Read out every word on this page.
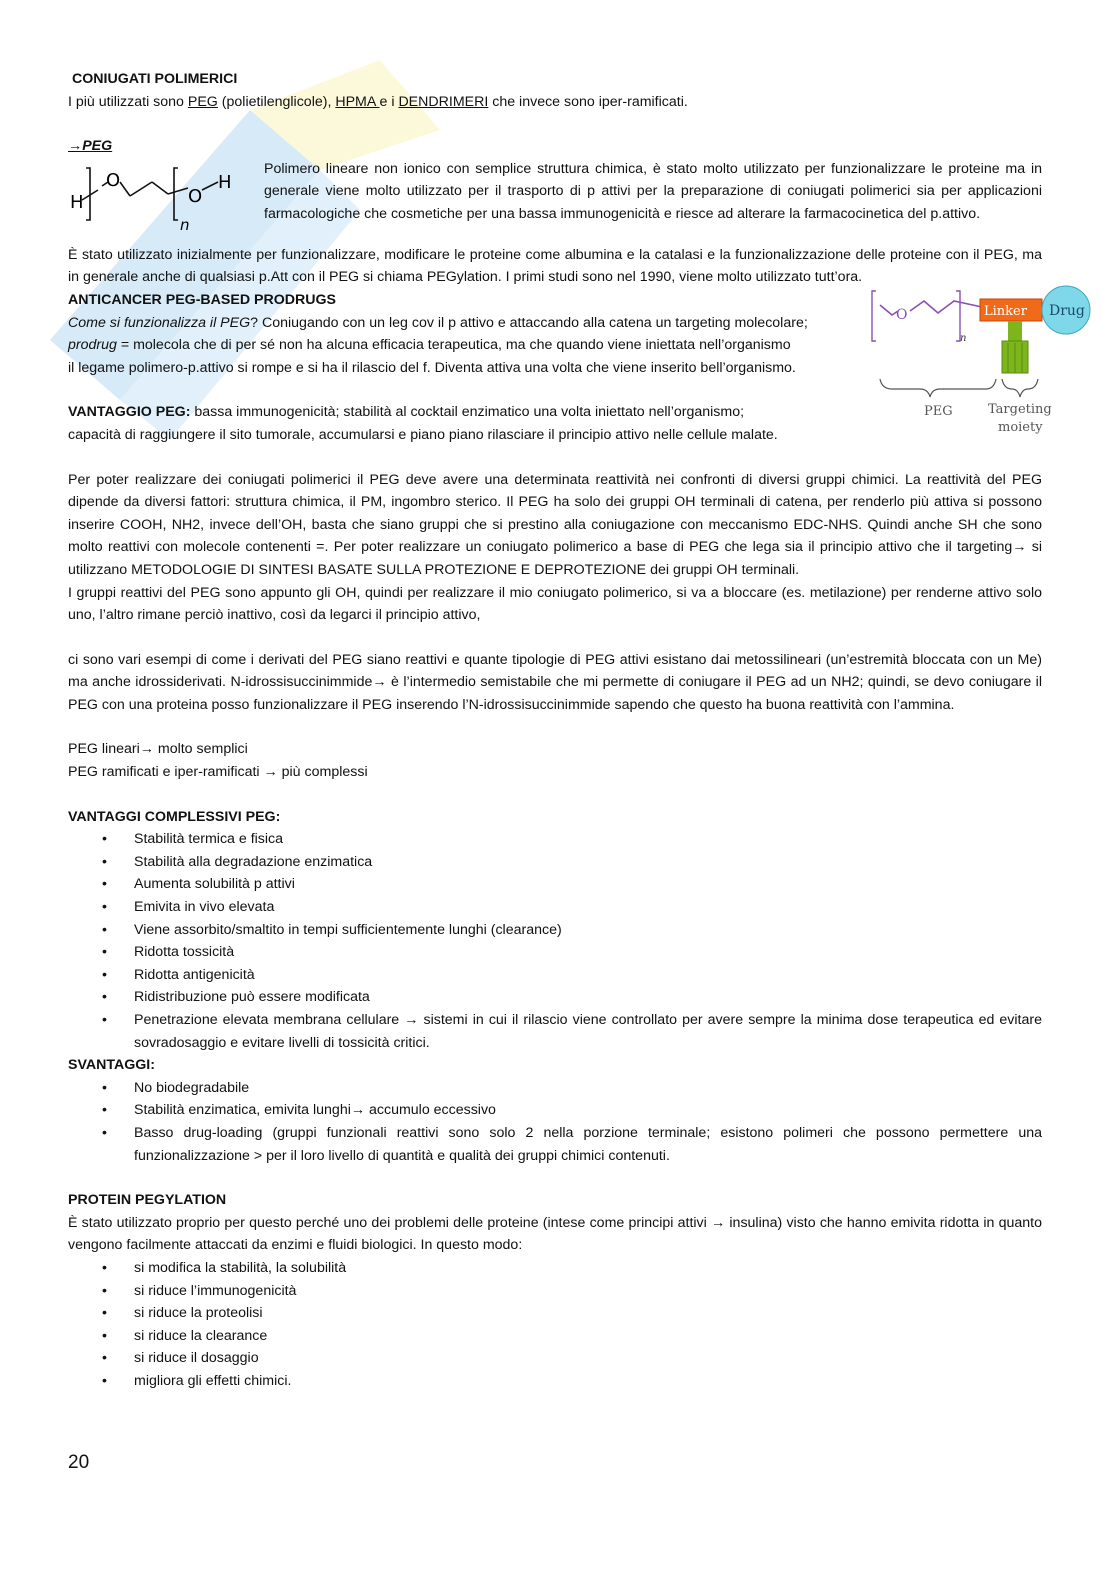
CONIUGATI POLIMERICI

I più utilizzati sono PEG (polietilenglicole), HPMA e i DENDRIMERI che invece sono iper-ramificati.

→PEG

H
O
O
H
n

Polimero lineare non ionico con semplice struttura chimica, è stato molto utilizzato per funzionalizzare le proteine ma in generale viene molto utilizzato per il trasporto di p attivi per la preparazione di coniugati polimerici sia per applicazioni farmacologiche che cosmetiche per una bassa immunogenicità e riesce ad alterare la farmacocinetica del p.attivo.

È stato utilizzato inizialmente per funzionalizzare, modificare le proteine come albumina e la catalasi e la funzionalizzazione delle proteine con il PEG, ma in generale anche di qualsiasi p.Att con il PEG si chiama PEGylation. I primi studi sono nel 1990, viene molto utilizzato tutt’ora.

ANTICANCER PEG-BASED PRODRUGS

O
n
Linker Drug
PEG	Targeting
moiety

Come si funzionalizza il PEG? Coniugando con un leg cov il p attivo e attaccando alla catena un targeting molecolare;

prodrug = molecola che di per sé non ha alcuna efficacia terapeutica, ma che quando viene iniettata nell’organismo

il legame polimero-p.attivo si rompe e si ha il rilascio del f. Diventa attiva una volta che viene inserito bell’organismo.

VANTAGGIO PEG: bassa immunogenicità; stabilità al cocktail enzimatico una volta iniettato nell’organismo;

capacità di raggiungere il sito tumorale, accumularsi e piano piano rilasciare il principio attivo nelle cellule malate.

Per poter realizzare dei coniugati polimerici il PEG deve avere una determinata reattività nei confronti di diversi gruppi chimici. La reattività del PEG dipende da diversi fattori: struttura chimica, il PM, ingombro sterico. Il PEG ha solo dei gruppi OH terminali di catena, per renderlo più attiva si possono inserire COOH, NH2, invece dell’OH, basta che siano gruppi che si prestino alla coniugazione con meccanismo EDC-NHS. Quindi anche SH che sono molto reattivi con molecole contenenti =. Per poter realizzare un coniugato polimerico a base di PEG che lega sia il principio attivo che il targeting→ si utilizzano METODOLOGIE DI SINTESI BASATE SULLA PROTEZIONE E DEPROTEZIONE dei gruppi OH terminali.

I gruppi reattivi del PEG sono appunto gli OH, quindi per realizzare il mio coniugato polimerico, si va a bloccare (es. metilazione) per renderne attivo solo uno, l’altro rimane perciò inattivo, così da legarci il principio attivo,

ci sono vari esempi di come i derivati del PEG siano reattivi e quante tipologie di PEG attivi esistano dai metossilineari (un’estremità bloccata con un Me) ma anche idrossiderivati. N-idrossisuccinimmide→ è l’intermedio semistabile che mi permette di coniugare il PEG ad un NH2; quindi, se devo coniugare il PEG con una proteina posso funzionalizzare il PEG inserendo l’N-idrossisuccinimmide sapendo che questo ha buona reattività con l’ammina.

PEG lineari→ molto semplici

PEG ramificati e iper-ramificati → più complessi

VANTAGGI COMPLESSIVI PEG:

• Stabilità termica e fisica
• Stabilità alla degradazione enzimatica
• Aumenta solubilità p attivi
• Emivita in vivo elevata
• Viene assorbito/smaltito in tempi sufficientemente lunghi (clearance)
• Ridotta tossicità
• Ridotta antigenicità
• Ridistribuzione può essere modificata
• Penetrazione elevata membrana cellulare → sistemi in cui il rilascio viene controllato per avere sempre la minima dose terapeutica ed evitare sovradosaggio e evitare livelli di tossicità critici.

SVANTAGGI:

• No biodegradabile
• Stabilità enzimatica, emivita lunghi→ accumulo eccessivo
• Basso drug-loading (gruppi funzionali reattivi sono solo 2 nella porzione terminale; esistono polimeri che possono permettere una funzionalizzazione > per il loro livello di quantità e qualità dei gruppi chimici contenuti.

PROTEIN PEGYLATION

È stato utilizzato proprio per questo perché uno dei problemi delle proteine (intese come principi attivi → insulina) visto che hanno emivita ridotta in quanto vengono facilmente attaccati da enzimi e fluidi biologici. In questo modo:

• si modifica la stabilità, la solubilità
• si riduce l’immunogenicità
• si riduce la proteolisi
• si riduce la clearance
• si riduce il dosaggio
• migliora gli effetti chimici.
20
